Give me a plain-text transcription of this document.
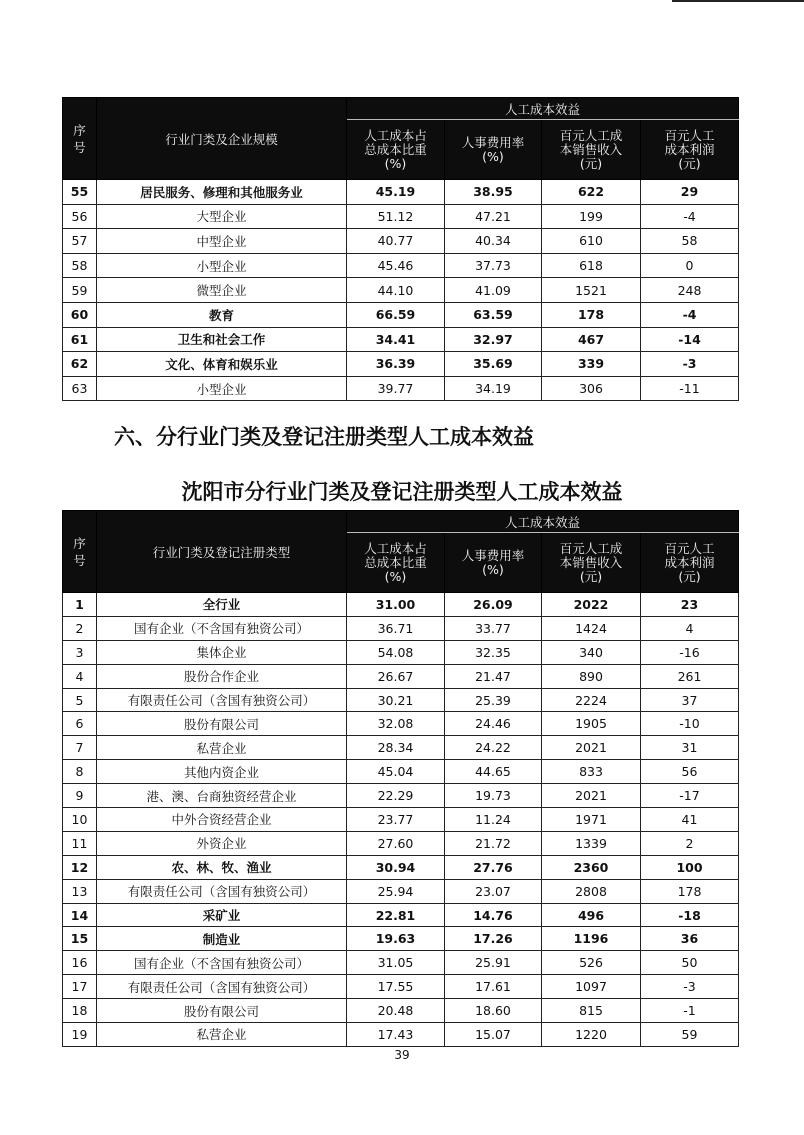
序
号	行业门类及企业规模	人工成本效益			
		人工成本占
总成本比重
(%)	人事费用率
(%)	百元人工成
本销售收入
(元)	百元人工
成本利润
(元)
55	居民服务、修理和其他服务业	45.19	38.95	622	29
56	大型企业	51.12	47.21	199	-4
57	中型企业	40.77	40.34	610	58
58	小型企业	45.46	37.73	618	0
59	微型企业	44.10	41.09	1521	248
60	教育	66.59	63.59	178	-4
61	卫生和社会工作	34.41	32.97	467	-14
62	文化、体育和娱乐业	36.39	35.69	339	-3
63	小型企业	39.77	34.19	306	-11
六、分行业门类及登记注册类型人工成本效益
沈阳市分行业门类及登记注册类型人工成本效益
序
号	行业门类及登记注册类型	人工成本效益			
		人工成本占
总成本比重
(%)	人事费用率
(%)	百元人工成
本销售收入
(元)	百元人工
成本利润
(元)
1	全行业	31.00	26.09	2022	23
2	国有企业（不含国有独资公司）	36.71	33.77	1424	4
3	集体企业	54.08	32.35	340	-16
4	股份合作企业	26.67	21.47	890	261
5	有限责任公司（含国有独资公司）	30.21	25.39	2224	37
6	股份有限公司	32.08	24.46	1905	-10
7	私营企业	28.34	24.22	2021	31
8	其他内资企业	45.04	44.65	833	56
9	港、澳、台商独资经营企业	22.29	19.73	2021	-17
10	中外合资经营企业	23.77	11.24	1971	41
11	外资企业	27.60	21.72	1339	2
12	农、林、牧、渔业	30.94	27.76	2360	100
13	有限责任公司（含国有独资公司）	25.94	23.07	2808	178
14	采矿业	22.81	14.76	496	-18
15	制造业	19.63	17.26	1196	36
16	国有企业（不含国有独资公司）	31.05	25.91	526	50
17	有限责任公司（含国有独资公司）	17.55	17.61	1097	-3
18	股份有限公司	20.48	18.60	815	-1
19	私营企业	17.43	15.07	1220	59
39
